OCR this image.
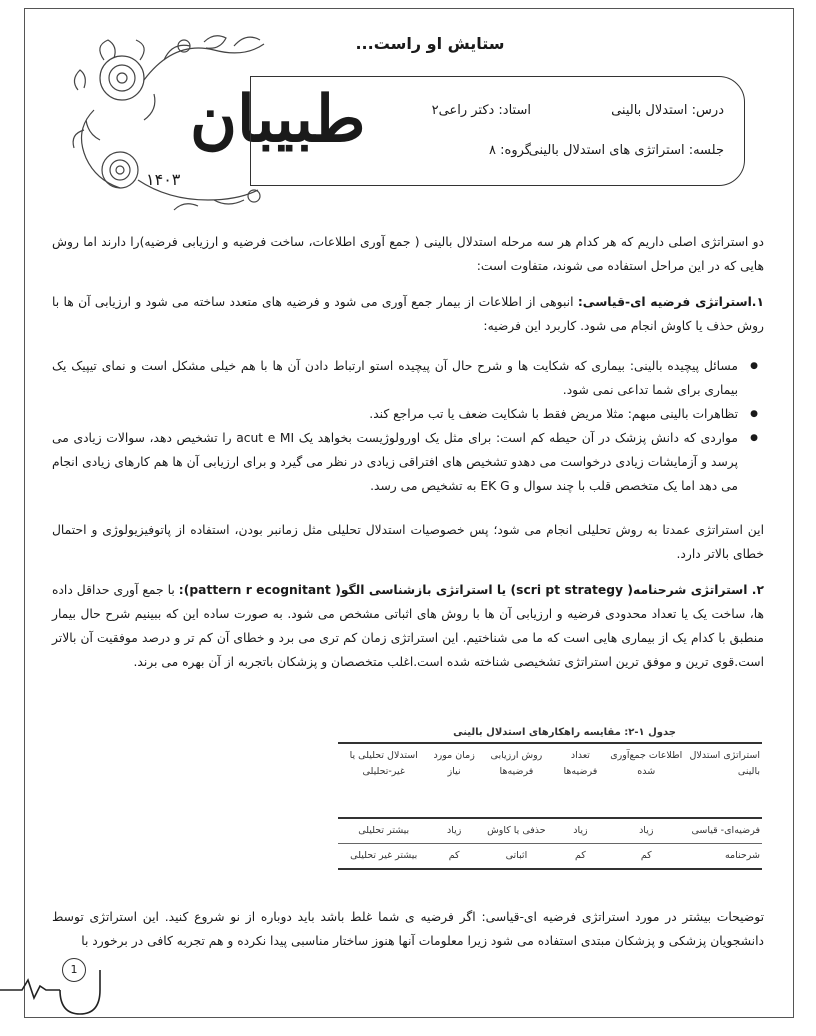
طبیبان
۱۴۰۳
ستایش او راست...
درس: استدلال بالینی
استاد: دکتر راعی۲
جلسه: استراتژی های استدلال بالینی
گروه: ۸

دو استراتژی اصلی داریم که هر کدام هر سه مرحله استدلال بالینی ( جمع آوری اطلاعات، ساخت فرضیه و ارزیابی فرضیه)را دارند اما روش هایی که در این مراحل استفاده می شوند، متفاوت است:

۱.استراتژی فرضیه ای-قیاسی: انبوهی از اطلاعات از بیمار جمع آوری می شود و فرضیه های متعدد ساخته می شود و ارزیابی آن ها با روش حذف یا کاوش انجام می شود. کاربرد این فرضیه:

● مسائل پیچیده بالینی: بیماری که شکایت ها و شرح حال آن پیچیده استو ارتباط دادن آن ها با هم خیلی مشکل است و نمای تیپیک یک بیماری برای شما تداعی نمی شود.
● تظاهرات بالینی مبهم: مثلا مریض فقط با شکایت ضعف یا تب مراجع کند.
● مواردی که دانش پزشک در آن حیطه کم است: برای مثل یک اورولوژیست بخواهد یک acut e MI را تشخیص دهد، سوالات زیادی می پرسد و آزمایشات زیادی درخواست می دهدو تشخیص های افتراقی زیادی در نظر می گیرد و برای ارزیابی آن ها هم کارهای زیادی انجام می دهد اما یک متخصص قلب با چند سوال و EK G به تشخیص می رسد.

این استراتژی عمدتا به روش تحلیلی انجام می شود؛ پس خصوصیات استدلال تحلیلی مثل زمانبر بودن، استفاده از پاتوفیزیولوژی و احتمال خطای بالاتر دارد.

۲. استراتژی شرحنامه( scri pt strategy) یا استراتژی بازشناسی الگو( pattern r ecognitant): با جمع آوری حداقل داده ها، ساخت یک یا تعداد محدودی فرضیه و ارزیابی آن ها با روش های اثباتی مشخص می شود. به صورت ساده این که ببینیم شرح حال بیمار منطبق با کدام یک از بیماری هایی است که ما می شناختیم. این استراتژی زمان کم تری می برد و خطای آن کم تر و درصد موفقیت آن بالاتر است.قوی ترین و موفق ترین استراتژی تشخیصی شناخته شده است.اغلب متخصصان و پزشکان باتجربه از آن بهره می برند.

جدول ۱-۲: مقایسه راهکارهای استدلال بالینی
استراتژی استدلال بالینی	اطلاعات جمع‌آوری شده	تعداد فرضیه‌ها	روش ارزیابی فرضیه‌ها	زمان مورد نیاز	استدلال تحلیلی یا غیر-تحلیلی
فرضیه‌ای- قیاسی	زیاد	زیاد	حذفی یا کاوش	زیاد	بیشتر تحلیلی
شرحنامه	کم	کم	اثباتی	کم	بیشتر غیر تحلیلی

توضیحات بیشتر در مورد استراتژی فرضیه ای-قیاسی: اگر فرضیه ی شما غلط باشد باید دوباره از نو شروع کنید. این استراتژی توسط دانشجویان پزشکی و پزشکان مبتدی استفاده می شود زیرا معلومات آنها هنوز ساختار مناسبی پیدا نکرده و هم تجربه کافی در برخورد با

1
